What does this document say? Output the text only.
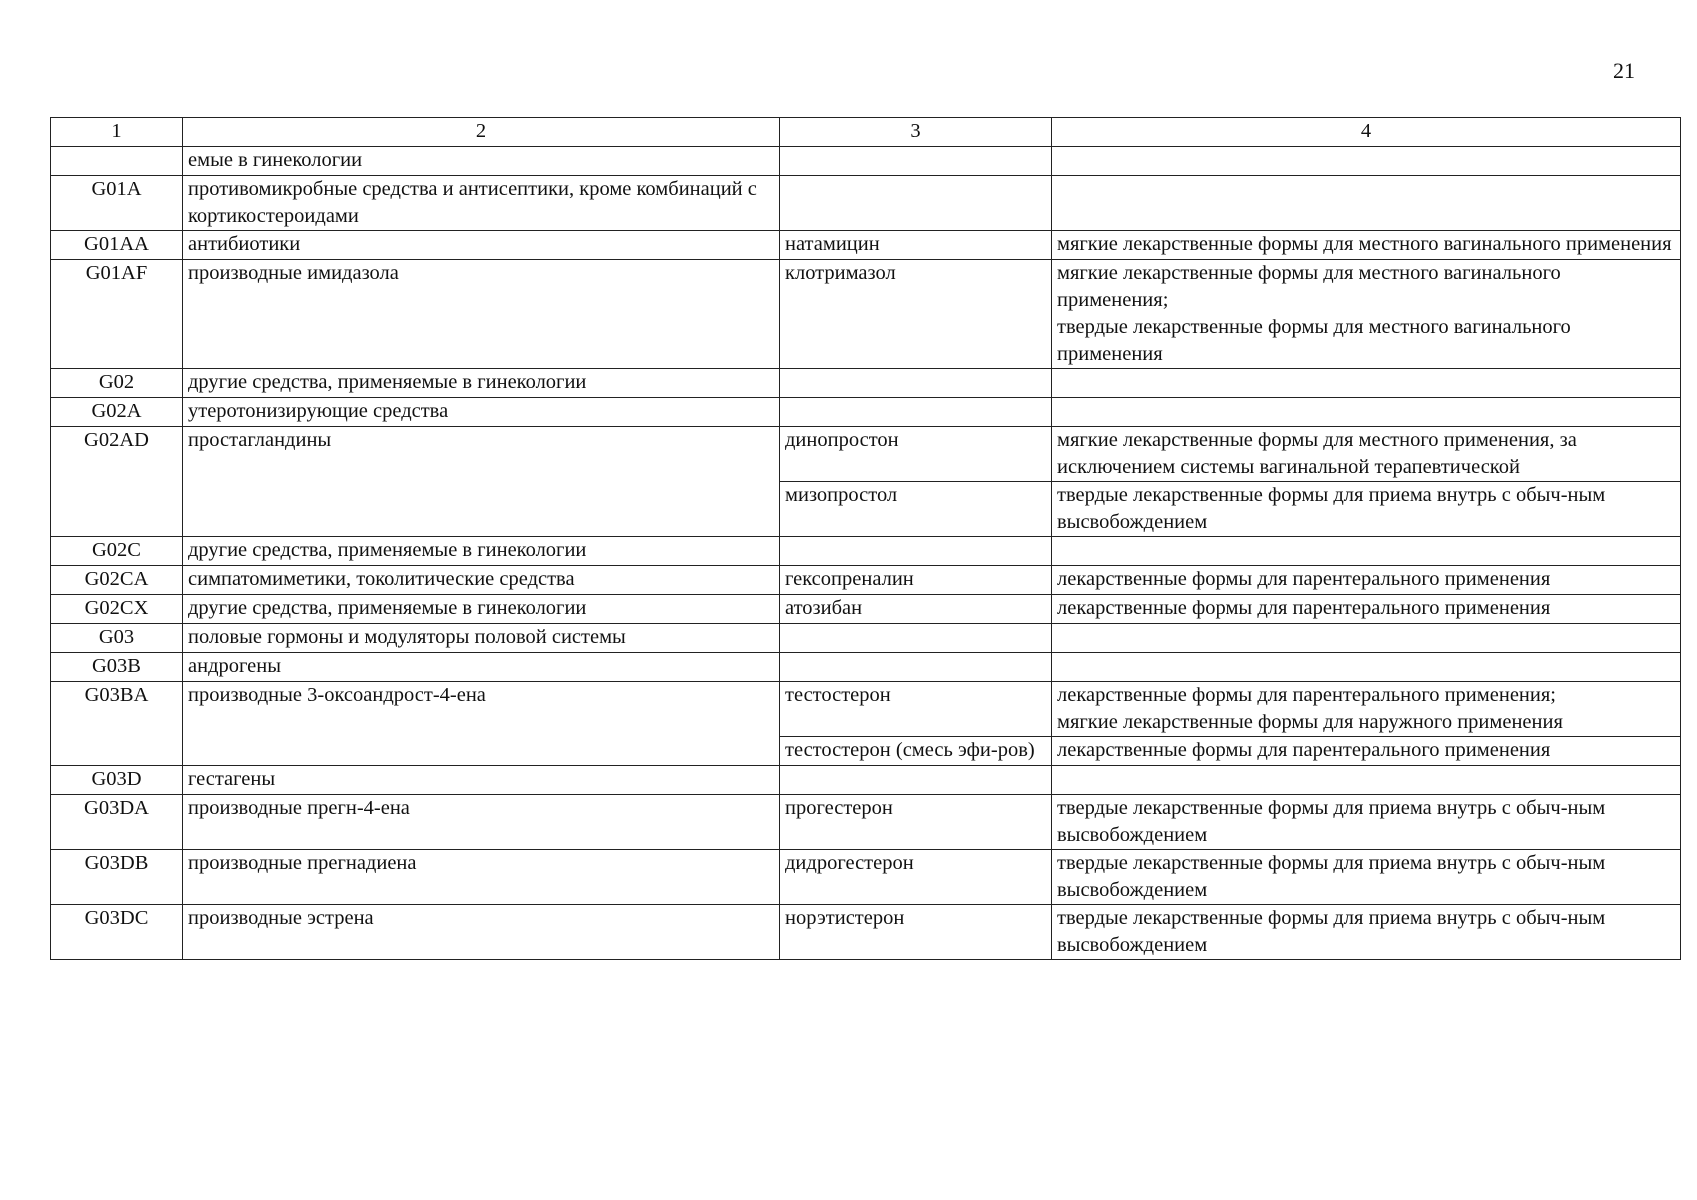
21
1	2	3	4
	емые в гинекологии		
G01A	противомикробные средства и антисептики, кроме комбинаций с кортикостероидами		
G01AA	антибиотики	натамицин	мягкие лекарственные формы для местного вагинального применения
G01AF	производные имидазола	клотримазол	мягкие лекарственные формы для местного вагинального применения;
твердые лекарственные формы для местного вагинального применения
G02	другие средства, применяемые в гинекологии		
G02A	утеротонизирующие средства		
G02AD	простагландины	динопростон	мягкие лекарственные формы для местного применения, за исключением системы вагинальной терапевтической
		мизопростол	твердые лекарственные формы для приема внутрь с обыч-ным высвобождением
G02C	другие средства, применяемые в гинекологии		
G02CA	симпатомиметики, токолитические средства	гексопреналин	лекарственные формы для парентерального применения
G02CX	другие средства, применяемые в гинекологии	атозибан	лекарственные формы для парентерального применения
G03	половые гормоны и модуляторы половой системы		
G03B	андрогены		
G03BA	производные 3-оксоандрост-4-ена	тестостерон	лекарственные формы для парентерального применения;
мягкие лекарственные формы для наружного применения
		тестостерон (смесь эфи-ров)	лекарственные формы для парентерального применения
G03D	гестагены		
G03DA	производные прегн-4-ена	прогестерон	твердые лекарственные формы для приема внутрь с обыч-ным высвобождением
G03DB	производные прегнадиена	дидрогестерон	твердые лекарственные формы для приема внутрь с обыч-ным высвобождением
G03DC	производные эстрена	норэтистерон	твердые лекарственные формы для приема внутрь с обыч-ным высвобождением
